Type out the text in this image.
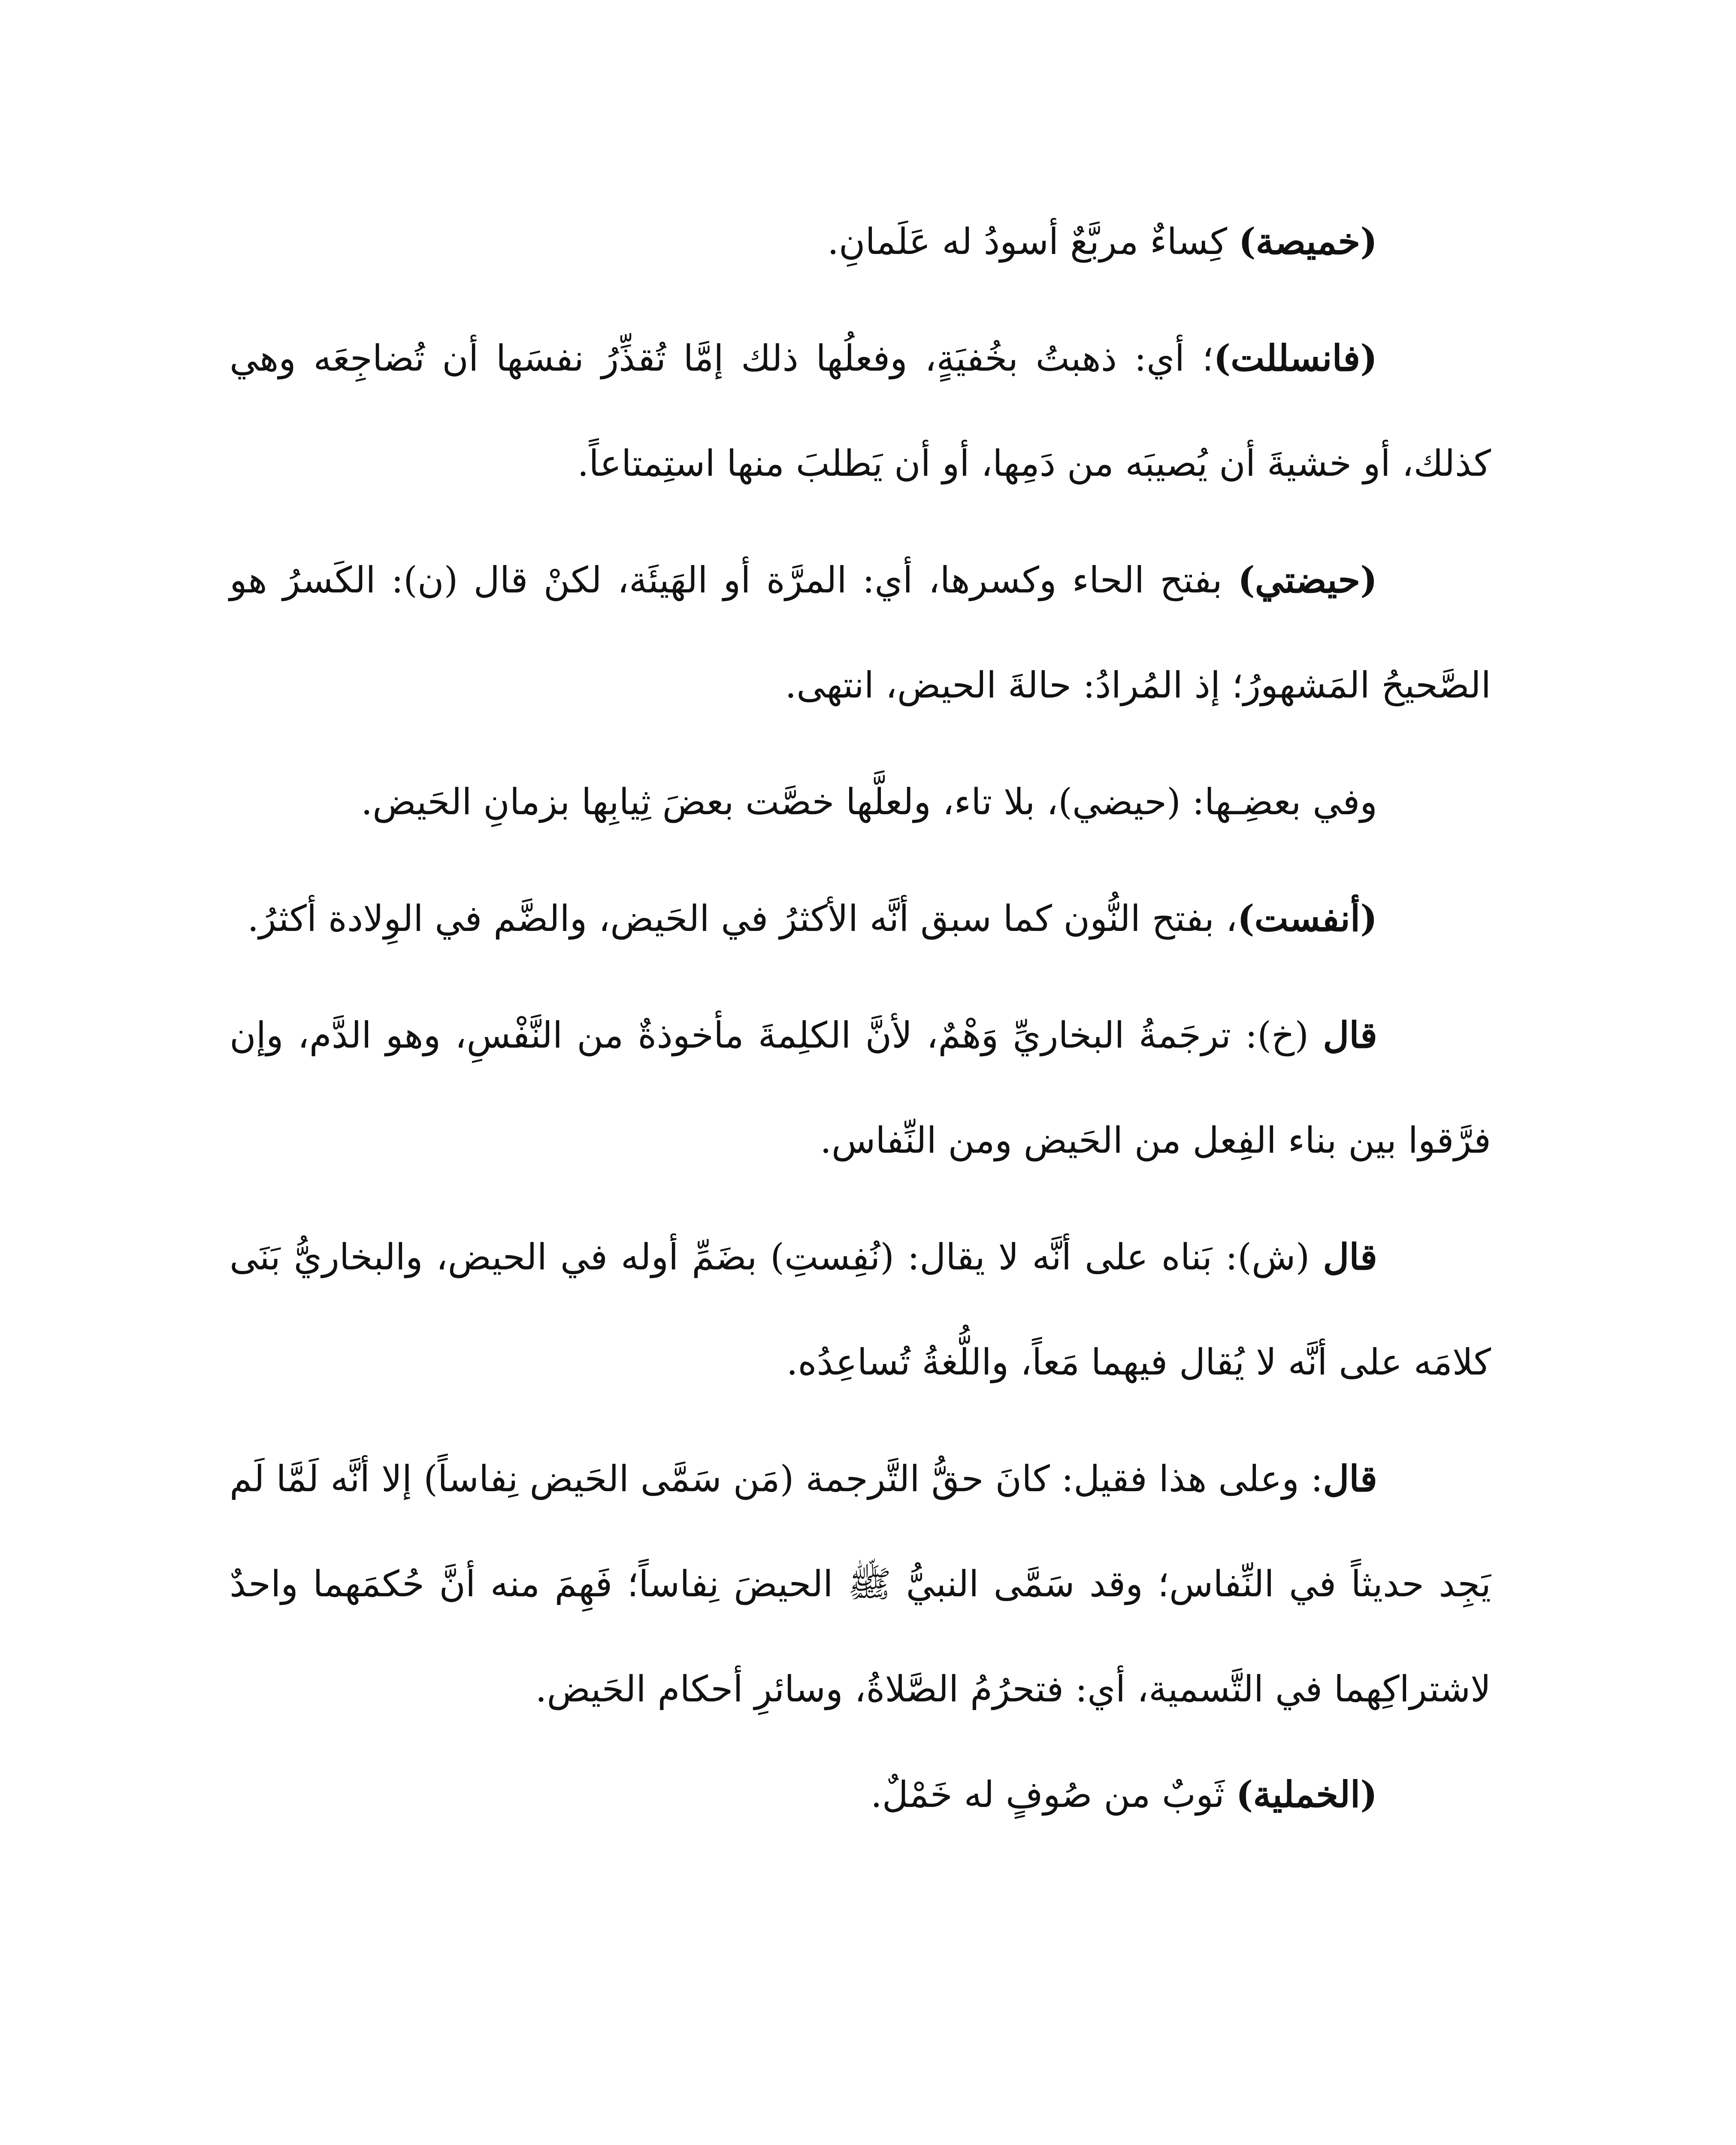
(خميصة) كِساءٌ مربَّعٌ أسودُ له عَلَمانِ.

(فانسللت)؛ أي: ذهبتُ بخُفيَةٍ، وفعلُها ذلك إمَّا تُقذِّرُ نفسَها أن تُضاجِعَه وهي كذلك، أو خشيةَ أن يُصيبَه من دَمِها، أو أن يَطلبَ منها استِمتاعاً.

(حيضتي) بفتح الحاء وكسرها، أي: المرَّة أو الهَيئَة، لكنْ قال (ن): الكَسرُ هو الصَّحيحُ المَشهورُ؛ إذ المُرادُ: حالةَ الحيض، انتهى.

وفي بعضِـها: (حيضي)، بلا تاء، ولعلَّها خصَّت بعضَ ثِيابِها بزمانِ الحَيض.

(أنفست)، بفتح النُّون كما سبق أنَّه الأكثرُ في الحَيض، والضَّم في الوِلادة أكثرُ.

قال (خ): ترجَمةُ البخاريِّ وَهْمٌ، لأنَّ الكلِمةَ مأخوذةٌ من النَّفْسِ، وهو الدَّم، وإن فرَّقوا بين بناء الفِعل من الحَيض ومن النِّفاس.

قال (ش): بَناه على أنَّه لا يقال: (نُفِستِ) بضَمِّ أوله في الحيض، والبخاريُّ بَنَى كلامَه على أنَّه لا يُقال فيهما مَعاً، واللُّغةُ تُساعِدُه.

قال: وعلى هذا فقيل: كانَ حقُّ التَّرجمة (مَن سَمَّى الحَيض نِفاساً) إلا أنَّه لَمَّا لَم يَجِد حديثاً في النِّفاس؛ وقد سَمَّى النبيُّ ﷺ الحيضَ نِفاساً؛ فَهِمَ منه أنَّ حُكمَهما واحدٌ لاشتراكِهما في التَّسمية، أي: فتحرُمُ الصَّلاةُ، وسائرِ أحكام الحَيض.

(الخملية) ثَوبٌ من صُوفٍ له خَمْلٌ.
